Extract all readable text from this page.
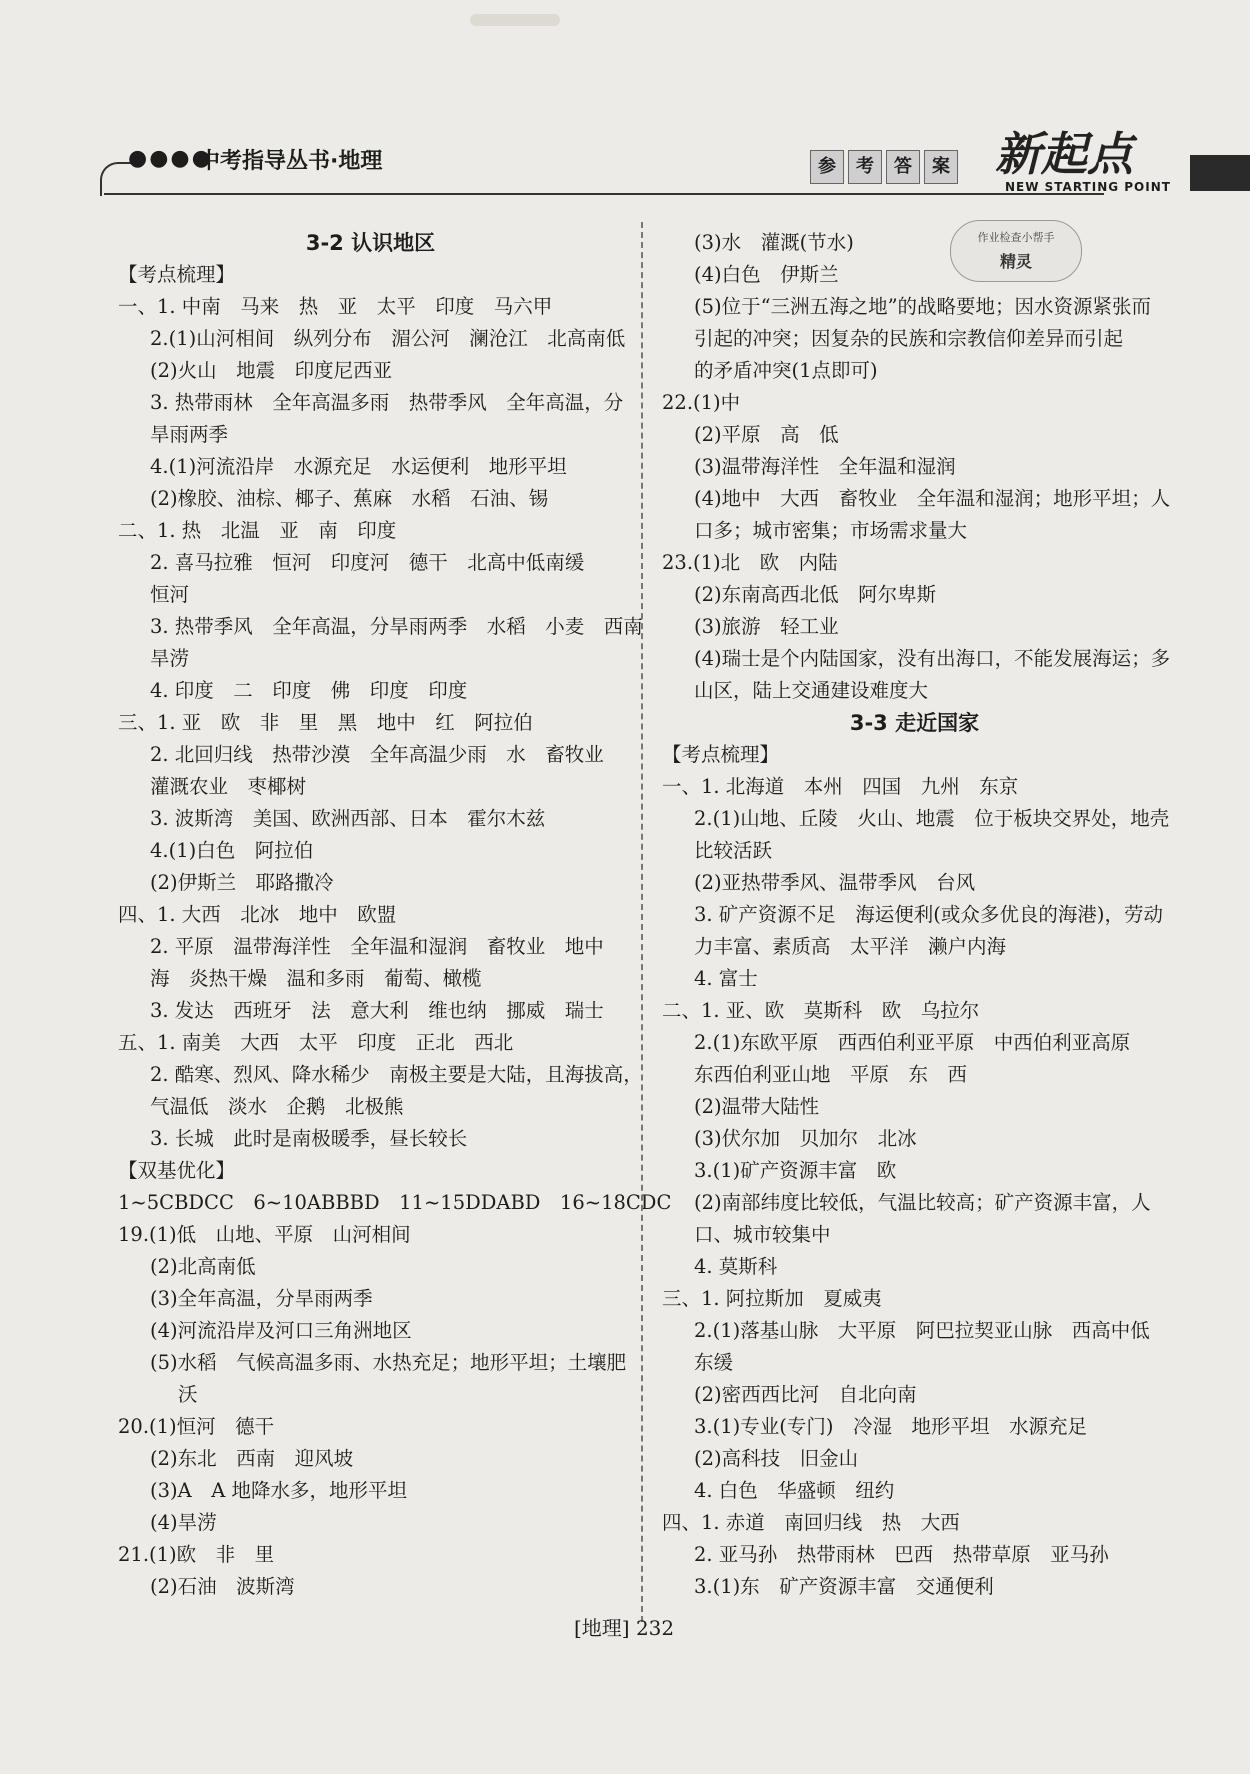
●●●●
中考指导丛书·地理	参	考	答	案 新起点
NEW STARTING POINT
作业检查小帮手
精灵
3-2 认识地区
【考点梳理】
一、1. 中南　马来　热　亚　太平　印度　马六甲
2.(1)山河相间　纵列分布　湄公河　澜沧江　北高南低
(2)火山　地震　印度尼西亚
3. 热带雨林　全年高温多雨　热带季风　全年高温，分
旱雨两季
4.(1)河流沿岸　水源充足　水运便利　地形平坦
(2)橡胶、油棕、椰子、蕉麻　水稻　石油、锡
二、1. 热　北温　亚　南　印度
2. 喜马拉雅　恒河　印度河　德干　北高中低南缓
恒河
3. 热带季风　全年高温，分旱雨两季　水稻　小麦　西南
旱涝
4. 印度　二　印度　佛　印度　印度
三、1. 亚　欧　非　里　黑　地中　红　阿拉伯
2. 北回归线　热带沙漠　全年高温少雨　水　畜牧业
灌溉农业　枣椰树
3. 波斯湾　美国、欧洲西部、日本　霍尔木兹
4.(1)白色　阿拉伯
(2)伊斯兰　耶路撒冷
四、1. 大西　北冰　地中　欧盟
2. 平原　温带海洋性　全年温和湿润　畜牧业　地中
海　炎热干燥　温和多雨　葡萄、橄榄
3. 发达　西班牙　法　意大利　维也纳　挪威　瑞士
五、1. 南美　大西　太平　印度　正北　西北
2. 酷寒、烈风、降水稀少　南极主要是大陆，且海拔高，
气温低　淡水　企鹅　北极熊
3. 长城　此时是南极暖季，昼长较长
【双基优化】
1~5CBDCC　6~10ABBBD　11~15DDABD　16~18CDC
19.(1)低　山地、平原　山河相间
(2)北高南低
(3)全年高温，分旱雨两季
(4)河流沿岸及河口三角洲地区
(5)水稻　气候高温多雨、水热充足；地形平坦；土壤肥
沃
20.(1)恒河　德干
(2)东北　西南　迎风坡
(3)A　A 地降水多，地形平坦
(4)旱涝
21.(1)欧　非　里
(2)石油　波斯湾
(3)水　灌溉(节水)
(4)白色　伊斯兰
(5)位于“三洲五海之地”的战略要地；因水资源紧张而
引起的冲突；因复杂的民族和宗教信仰差异而引起
的矛盾冲突(1点即可)
22.(1)中
(2)平原　高　低
(3)温带海洋性　全年温和湿润
(4)地中　大西　畜牧业　全年温和湿润；地形平坦；人
口多；城市密集；市场需求量大
23.(1)北　欧　内陆
(2)东南高西北低　阿尔卑斯
(3)旅游　轻工业
(4)瑞士是个内陆国家，没有出海口，不能发展海运；多
山区，陆上交通建设难度大
3-3 走近国家
【考点梳理】
一、1. 北海道　本州　四国　九州　东京
2.(1)山地、丘陵　火山、地震　位于板块交界处，地壳
比较活跃
(2)亚热带季风、温带季风　台风
3. 矿产资源不足　海运便利(或众多优良的海港)，劳动
力丰富、素质高　太平洋　濑户内海
4. 富士
二、1. 亚、欧　莫斯科　欧　乌拉尔
2.(1)东欧平原　西西伯利亚平原　中西伯利亚高原
东西伯利亚山地　平原　东　西
(2)温带大陆性
(3)伏尔加　贝加尔　北冰
3.(1)矿产资源丰富　欧
(2)南部纬度比较低，气温比较高；矿产资源丰富，人
口、城市较集中
4. 莫斯科
三、1. 阿拉斯加　夏威夷
2.(1)落基山脉　大平原　阿巴拉契亚山脉　西高中低
东缓
(2)密西西比河　自北向南
3.(1)专业(专门)　冷湿　地形平坦　水源充足
(2)高科技　旧金山
4. 白色　华盛顿　纽约
四、1. 赤道　南回归线　热　大西
2. 亚马孙　热带雨林　巴西　热带草原　亚马孙
3.(1)东　矿产资源丰富　交通便利
[地理] 232
